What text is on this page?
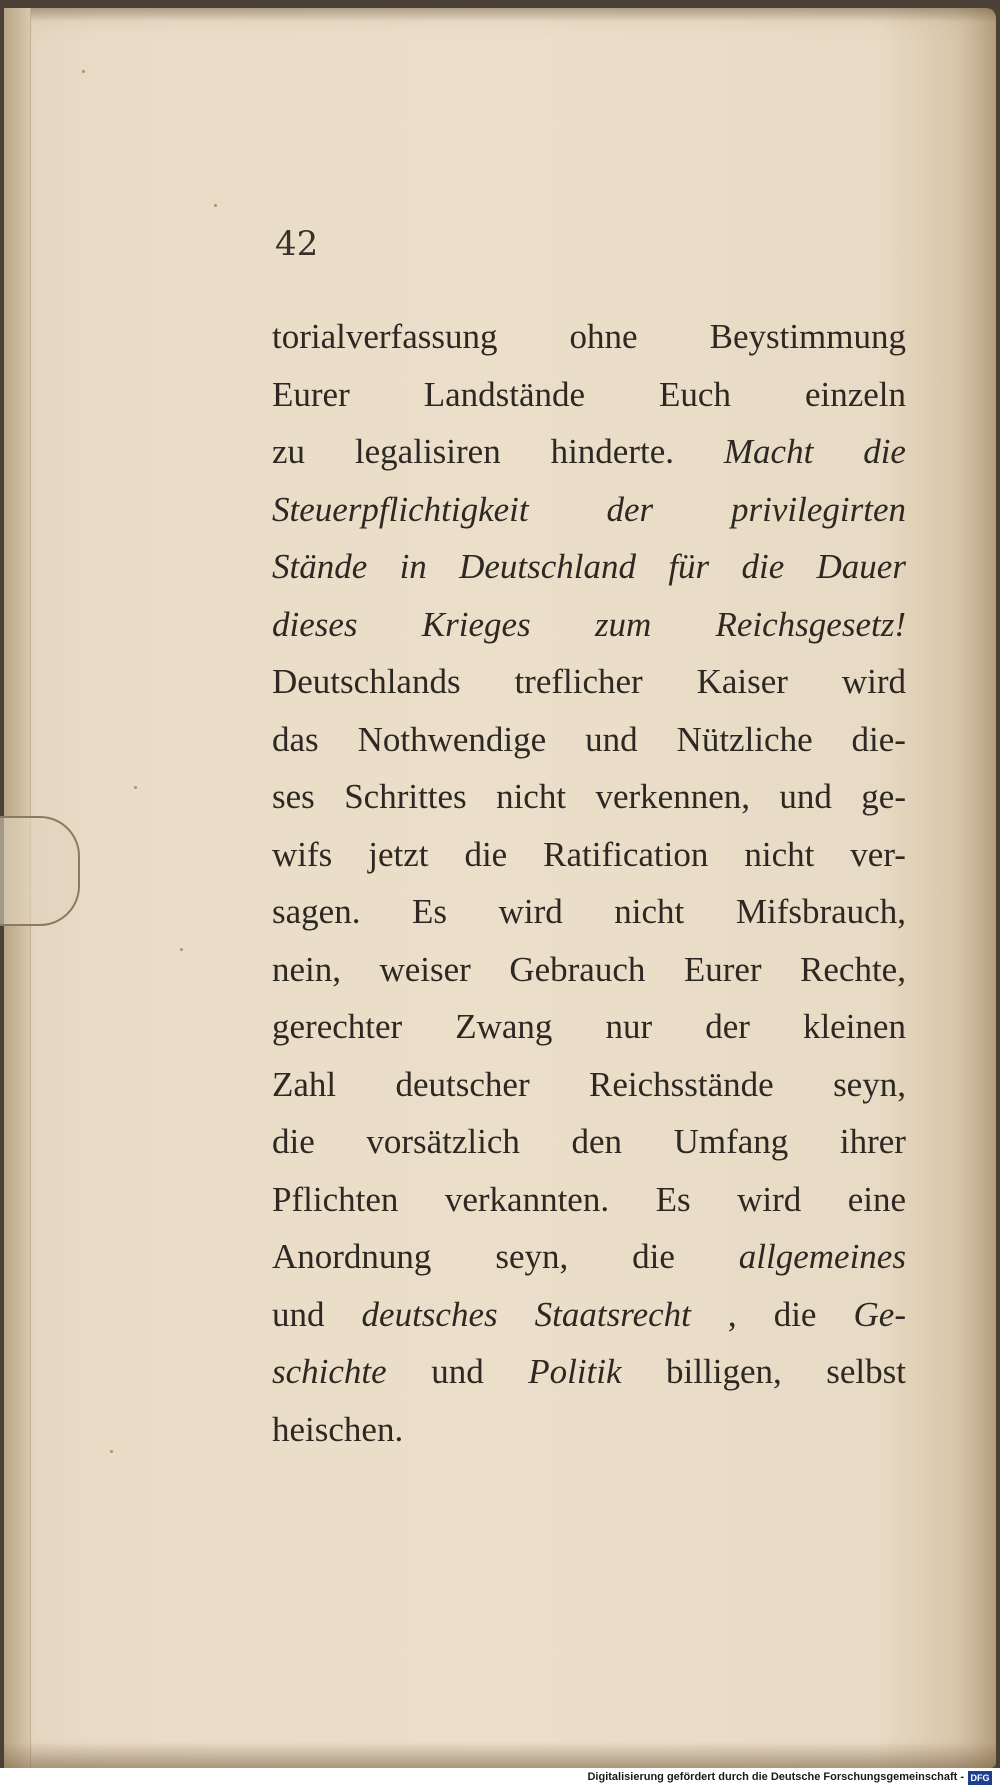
42
torialverfassung ohne Beystimmung
Eurer Landstände Euch einzeln
zu legalisiren hinderte. Macht die
Steuerpflichtigkeit der privilegirten
Stände in Deutschland für die Dauer
dieses Krieges zum Reichsgesetz!
Deutschlands treflicher Kaiser wird
das Nothwendige und Nützliche die-
ses Schrittes nicht verkennen, und ge-
wifs jetzt die Ratification nicht ver-
sagen. Es wird nicht Mifsbrauch,
nein, weiser Gebrauch Eurer Rechte,
gerechter Zwang nur der kleinen
Zahl deutscher Reichsstände seyn,
die vorsätzlich den Umfang ihrer
Pflichten verkannten. Es wird eine
Anordnung seyn, die allgemeines
und deutsches Staatsrecht , die Ge-
schichte und Politik billigen, selbst
heischen.
Digitalisierung gefördert durch die Deutsche Forschungsgemeinschaft - DFG
